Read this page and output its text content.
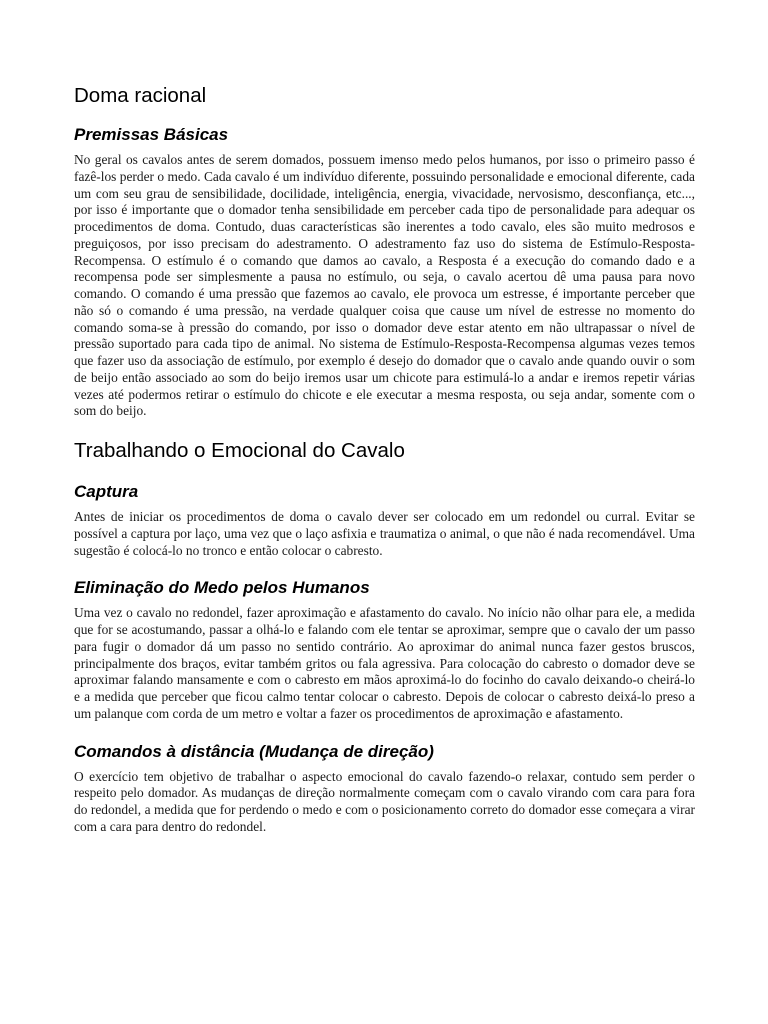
Doma racional
Premissas Básicas

No geral os cavalos antes de serem domados, possuem imenso medo pelos humanos, por isso o primeiro passo é fazê-los perder o medo. Cada cavalo é um indivíduo diferente, possuindo personalidade e emocional diferente, cada um com seu grau de sensibilidade, docilidade, inteligência, energia, vivacidade, nervosismo, desconfiança, etc..., por isso é importante que o domador tenha sensibilidade em perceber cada tipo de personalidade para adequar os procedimentos de doma. Contudo, duas características são inerentes a todo cavalo, eles são muito medrosos e preguiçosos, por isso precisam do adestramento. O adestramento faz uso do sistema de Estímulo-Resposta-Recompensa. O estímulo é o comando que damos ao cavalo, a Resposta é a execução do comando dado e a recompensa pode ser simplesmente a pausa no estímulo, ou seja, o cavalo acertou dê uma pausa para novo comando. O comando é uma pressão que fazemos ao cavalo, ele provoca um estresse, é importante perceber que não só o comando é uma pressão, na verdade qualquer coisa que cause um nível de estresse no momento do comando soma-se à pressão do comando, por isso o domador deve estar atento em não ultrapassar o nível de pressão suportado para cada tipo de animal. No sistema de Estímulo-Resposta-Recompensa algumas vezes temos que fazer uso da associação de estímulo, por exemplo é desejo do domador que o cavalo ande quando ouvir o som de beijo então associado ao som do beijo iremos usar um chicote para estimulá-lo a andar e iremos repetir várias vezes até podermos retirar o estímulo do chicote e ele executar a mesma resposta, ou seja andar, somente com o som do beijo.

Trabalhando o Emocional do Cavalo
Captura

Antes de iniciar os procedimentos de doma o cavalo dever ser colocado em um redondel ou curral. Evitar se possível a captura por laço, uma vez que o laço asfixia e traumatiza o animal, o que não é nada recomendável. Uma sugestão é colocá-lo no tronco e então colocar o cabresto.

Eliminação do Medo pelos Humanos

Uma vez o cavalo no redondel, fazer aproximação e afastamento do cavalo. No início não olhar para ele, a medida que for se acostumando, passar a olhá-lo e falando com ele tentar se aproximar, sempre que o cavalo der um passo para fugir o domador dá um passo no sentido contrário. Ao aproximar do animal nunca fazer gestos bruscos, principalmente dos braços, evitar também gritos ou fala agressiva. Para colocação do cabresto o domador deve se aproximar falando mansamente e com o cabresto em mãos aproximá-lo do focinho do cavalo deixando-o cheirá-lo e a medida que perceber que ficou calmo tentar colocar o cabresto. Depois de colocar o cabresto deixá-lo preso a um palanque com corda de um metro e voltar a fazer os procedimentos de aproximação e afastamento.

Comandos à distância (Mudança de direção)

O exercício tem objetivo de trabalhar o aspecto emocional do cavalo fazendo-o relaxar, contudo sem perder o respeito pelo domador. As mudanças de direção normalmente começam com o cavalo virando com cara para fora do redondel, a medida que for perdendo o medo e com o posicionamento correto do domador esse começara a virar com a cara para dentro do redondel.
